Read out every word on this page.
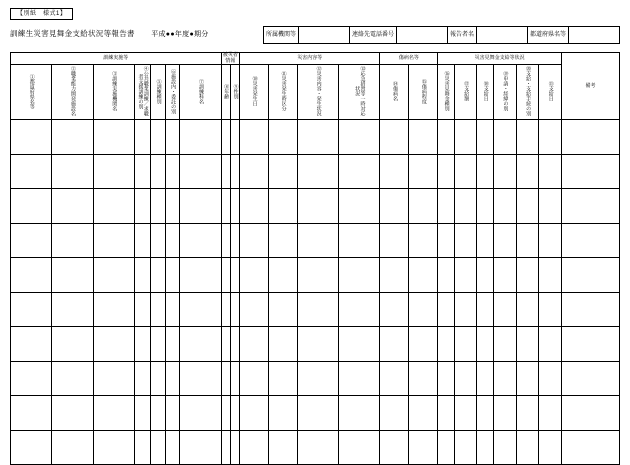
【別紙　様式1】
訓練生災害見舞金支給状況等報告書 平成●●年度●期分	所属機関等		連絡先電話番号		報告者名		都道府県名等	
訓練実施等							被災者情報		災害内容等				傷病名等		災害見舞金支給等状況						備考
①都道府県名等	②職業能力開発施設名	③訓練実施機関名	④公共職業訓練／求職者支援訓練の別	⑤訓練種別	⑥施設内・委託の別	⑦訓練科名	⑧年齢	⑨性別	⑩災害発生日	⑪災害発生時区分	⑫災害内容・発生状況	⑬応急措置等一時対応状況	⑭傷病名	⑮傷病程度	⑯災害見舞金種別	⑰支給額	⑱支給日	⑲申請・経緯の別	⑳支給・支給手続の別	㉑支給日	
